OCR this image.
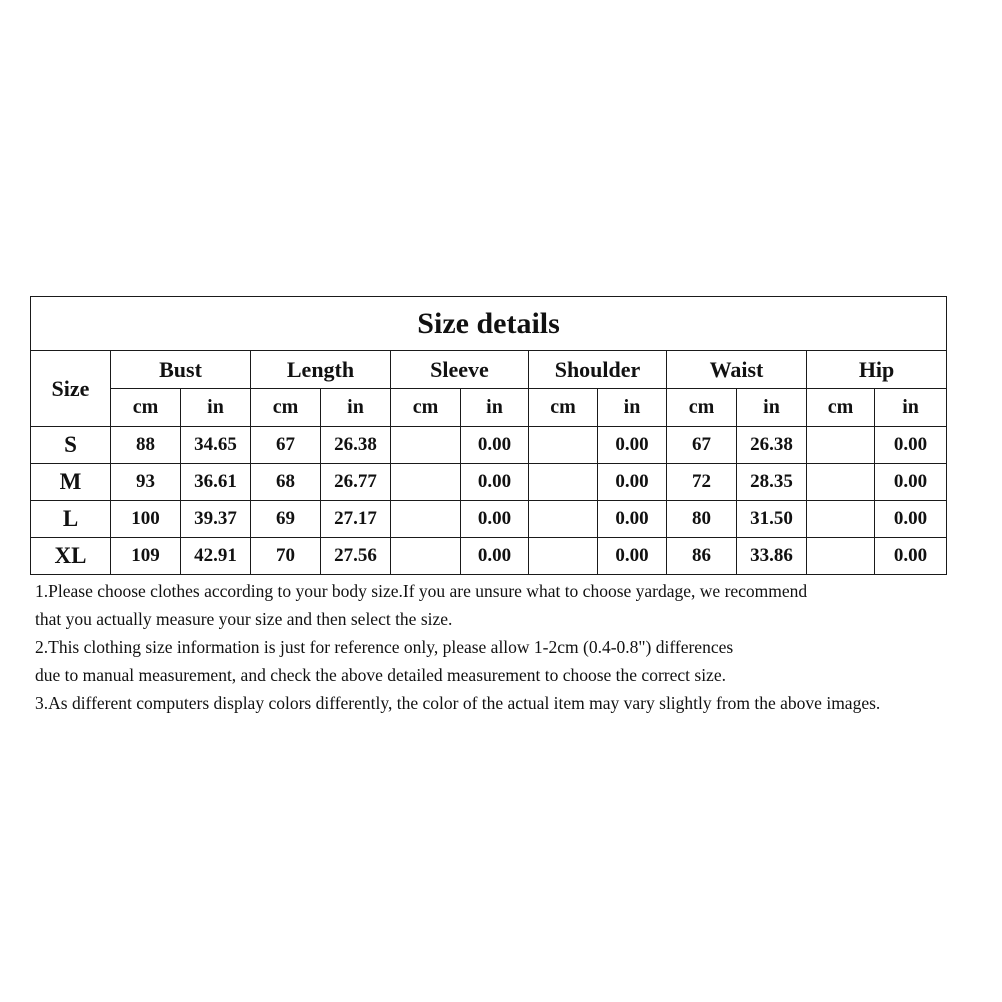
Size details												
Size	Bust		Length		Sleeve		Shoulder		Waist		Hip	
	cm	in	cm	in	cm	in	cm	in	cm	in	cm	in
S	88	34.65	67	26.38		0.00		0.00	67	26.38		0.00
M	93	36.61	68	26.77		0.00		0.00	72	28.35		0.00
L	100	39.37	69	27.17		0.00		0.00	80	31.50		0.00
XL	109	42.91	70	27.56		0.00		0.00	86	33.86		0.00

1.Please choose clothes according to your body size.If you are unsure what to choose yardage, we recommend

that you actually measure your size and then select the size.

2.This clothing size information is just for reference only, please allow 1-2cm (0.4-0.8") differences

due to manual measurement, and check the above detailed measurement to choose the correct size.

3.As different computers display colors differently, the color of the actual item may vary slightly from the above images.
